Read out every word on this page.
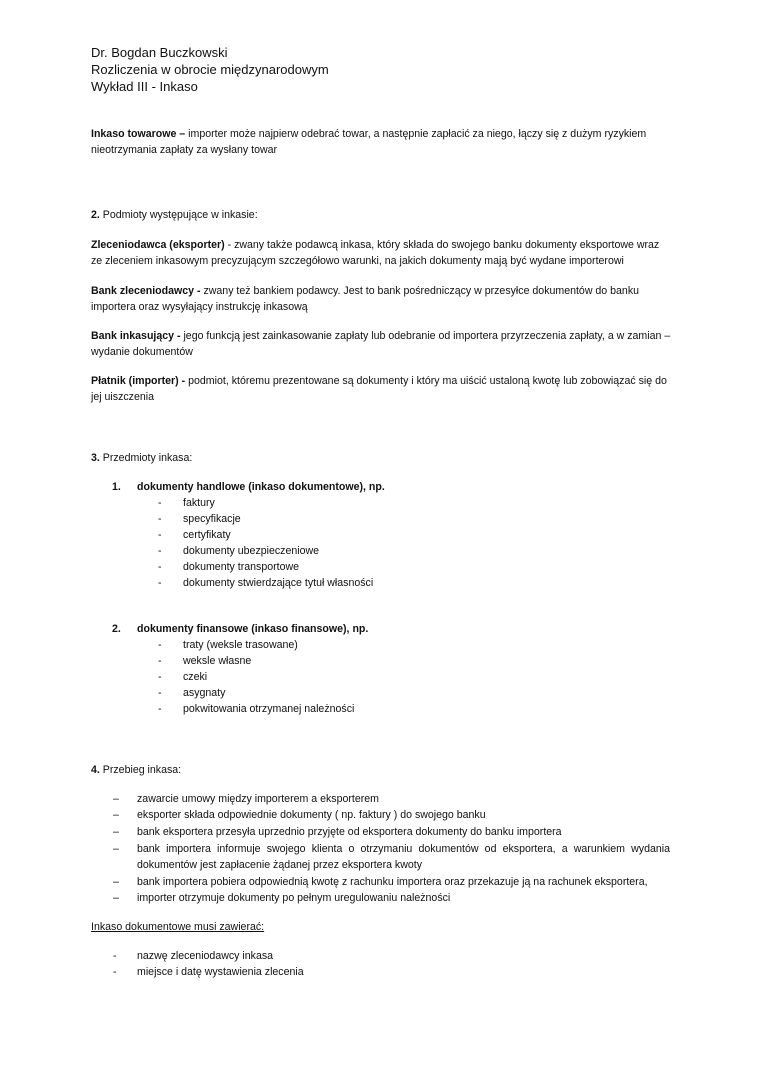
Dr. Bogdan Buczkowski
Rozliczenia w obrocie międzynarodowym
Wykład III - Inkaso
Inkaso towarowe – importer może najpierw odebrać towar, a następnie zapłacić za niego, łączy się z dużym ryzykiem nieotrzymania zapłaty za wysłany towar
2. Podmioty występujące w inkasie:
Zleceniodawca (eksporter) - zwany także podawcą inkasa, który składa do swojego banku dokumenty eksportowe wraz ze zleceniem inkasowym precyzującym szczegółowo warunki, na jakich dokumenty mają być wydane importerowi
Bank zleceniodawcy - zwany też bankiem podawcy. Jest to bank pośredniczący w przesyłce dokumentów do banku importera oraz wysyłający instrukcję inkasową
Bank inkasujący - jego funkcją jest zainkasowanie zapłaty lub odebranie od importera przyrzeczenia zapłaty, a w zamian – wydanie dokumentów
Płatnik (importer) - podmiot, któremu prezentowane są dokumenty i który ma uiścić ustaloną kwotę lub zobowiązać się do jej uiszczenia
3. Przedmioty inkasa:
1. dokumenty handlowe (inkaso dokumentowe), np.
- faktury
- specyfikacje
- certyfikaty
- dokumenty ubezpieczeniowe
- dokumenty transportowe
- dokumenty stwierdzające tytuł własności
2. dokumenty finansowe (inkaso finansowe), np.
- traty (weksle trasowane)
- weksle własne
- czeki
- asygnaty
- pokwitowania otrzymanej należności
4. Przebieg inkasa:
– zawarcie umowy między importerem a eksporterem
– eksporter składa odpowiednie dokumenty ( np. faktury ) do swojego banku
– bank eksportera przesyła uprzednio przyjęte od eksportera dokumenty do banku importera
– bank importera informuje swojego klienta o otrzymaniu dokumentów od eksportera, a warunkiem wydania dokumentów jest zapłacenie żądanej przez eksportera kwoty
– bank importera pobiera odpowiednią kwotę z rachunku importera oraz przekazuje ją na rachunek eksportera,
– importer otrzymuje dokumenty po pełnym uregulowaniu należności
Inkaso dokumentowe musi zawierać:
- nazwę zleceniodawcy inkasa
- miejsce i datę wystawienia zlecenia
